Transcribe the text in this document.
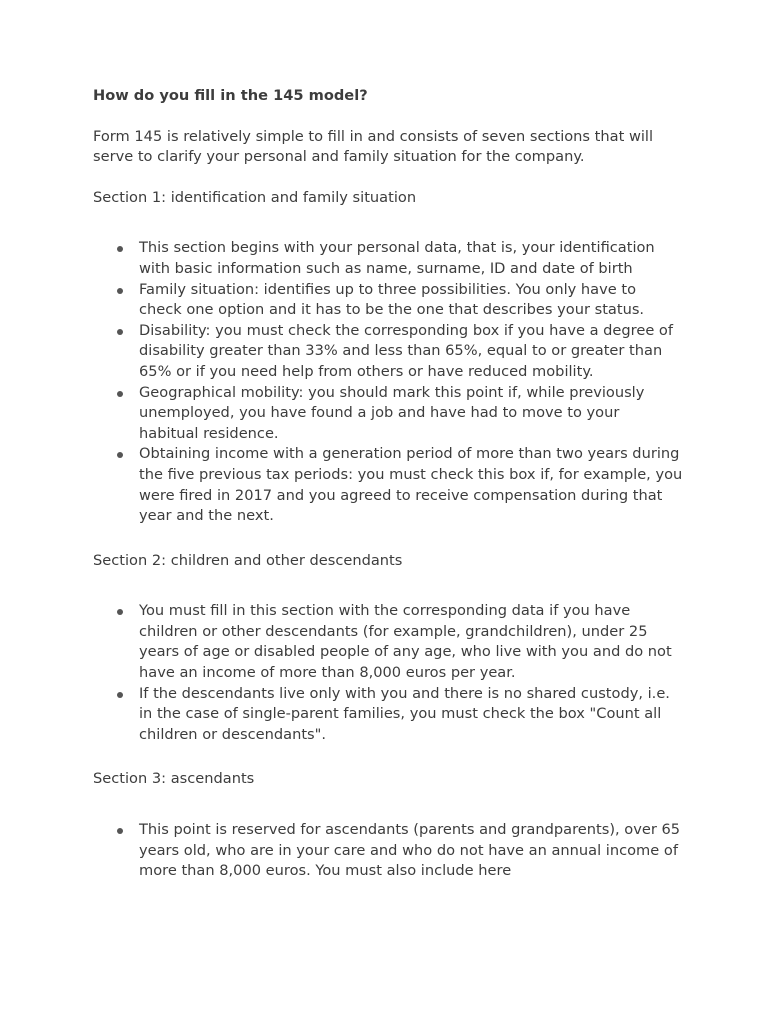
How do you fill in the 145 model?

Form 145 is relatively simple to fill in and consists of seven sections that will serve to clarify your personal and family situation for the company.

Section 1: identification and family situation

This section begins with your personal data, that is, your identification with basic information such as name, surname, ID and date of birth
Family situation: identifies up to three possibilities. You only have to check one option and it has to be the one that describes your status.
Disability: you must check the corresponding box if you have a degree of disability greater than 33% and less than 65%, equal to or greater than 65% or if you need help from others or have reduced mobility.
Geographical mobility: you should mark this point if, while previously unemployed, you have found a job and have had to move to your habitual residence.
Obtaining income with a generation period of more than two years during the five previous tax periods: you must check this box if, for example, you were fired in 2017 and you agreed to receive compensation during that year and the next.

Section 2: children and other descendants

You must fill in this section with the corresponding data if you have children or other descendants (for example, grandchildren), under 25 years of age or disabled people of any age, who live with you and do not have an income of more than 8,000 euros per year.
If the descendants live only with you and there is no shared custody, i.e. in the case of single-parent families, you must check the box "Count all children or descendants".

Section 3: ascendants

This point is reserved for ascendants (parents and grandparents), over 65 years old, who are in your care and who do not have an annual income of more than 8,000 euros. You must also include here
